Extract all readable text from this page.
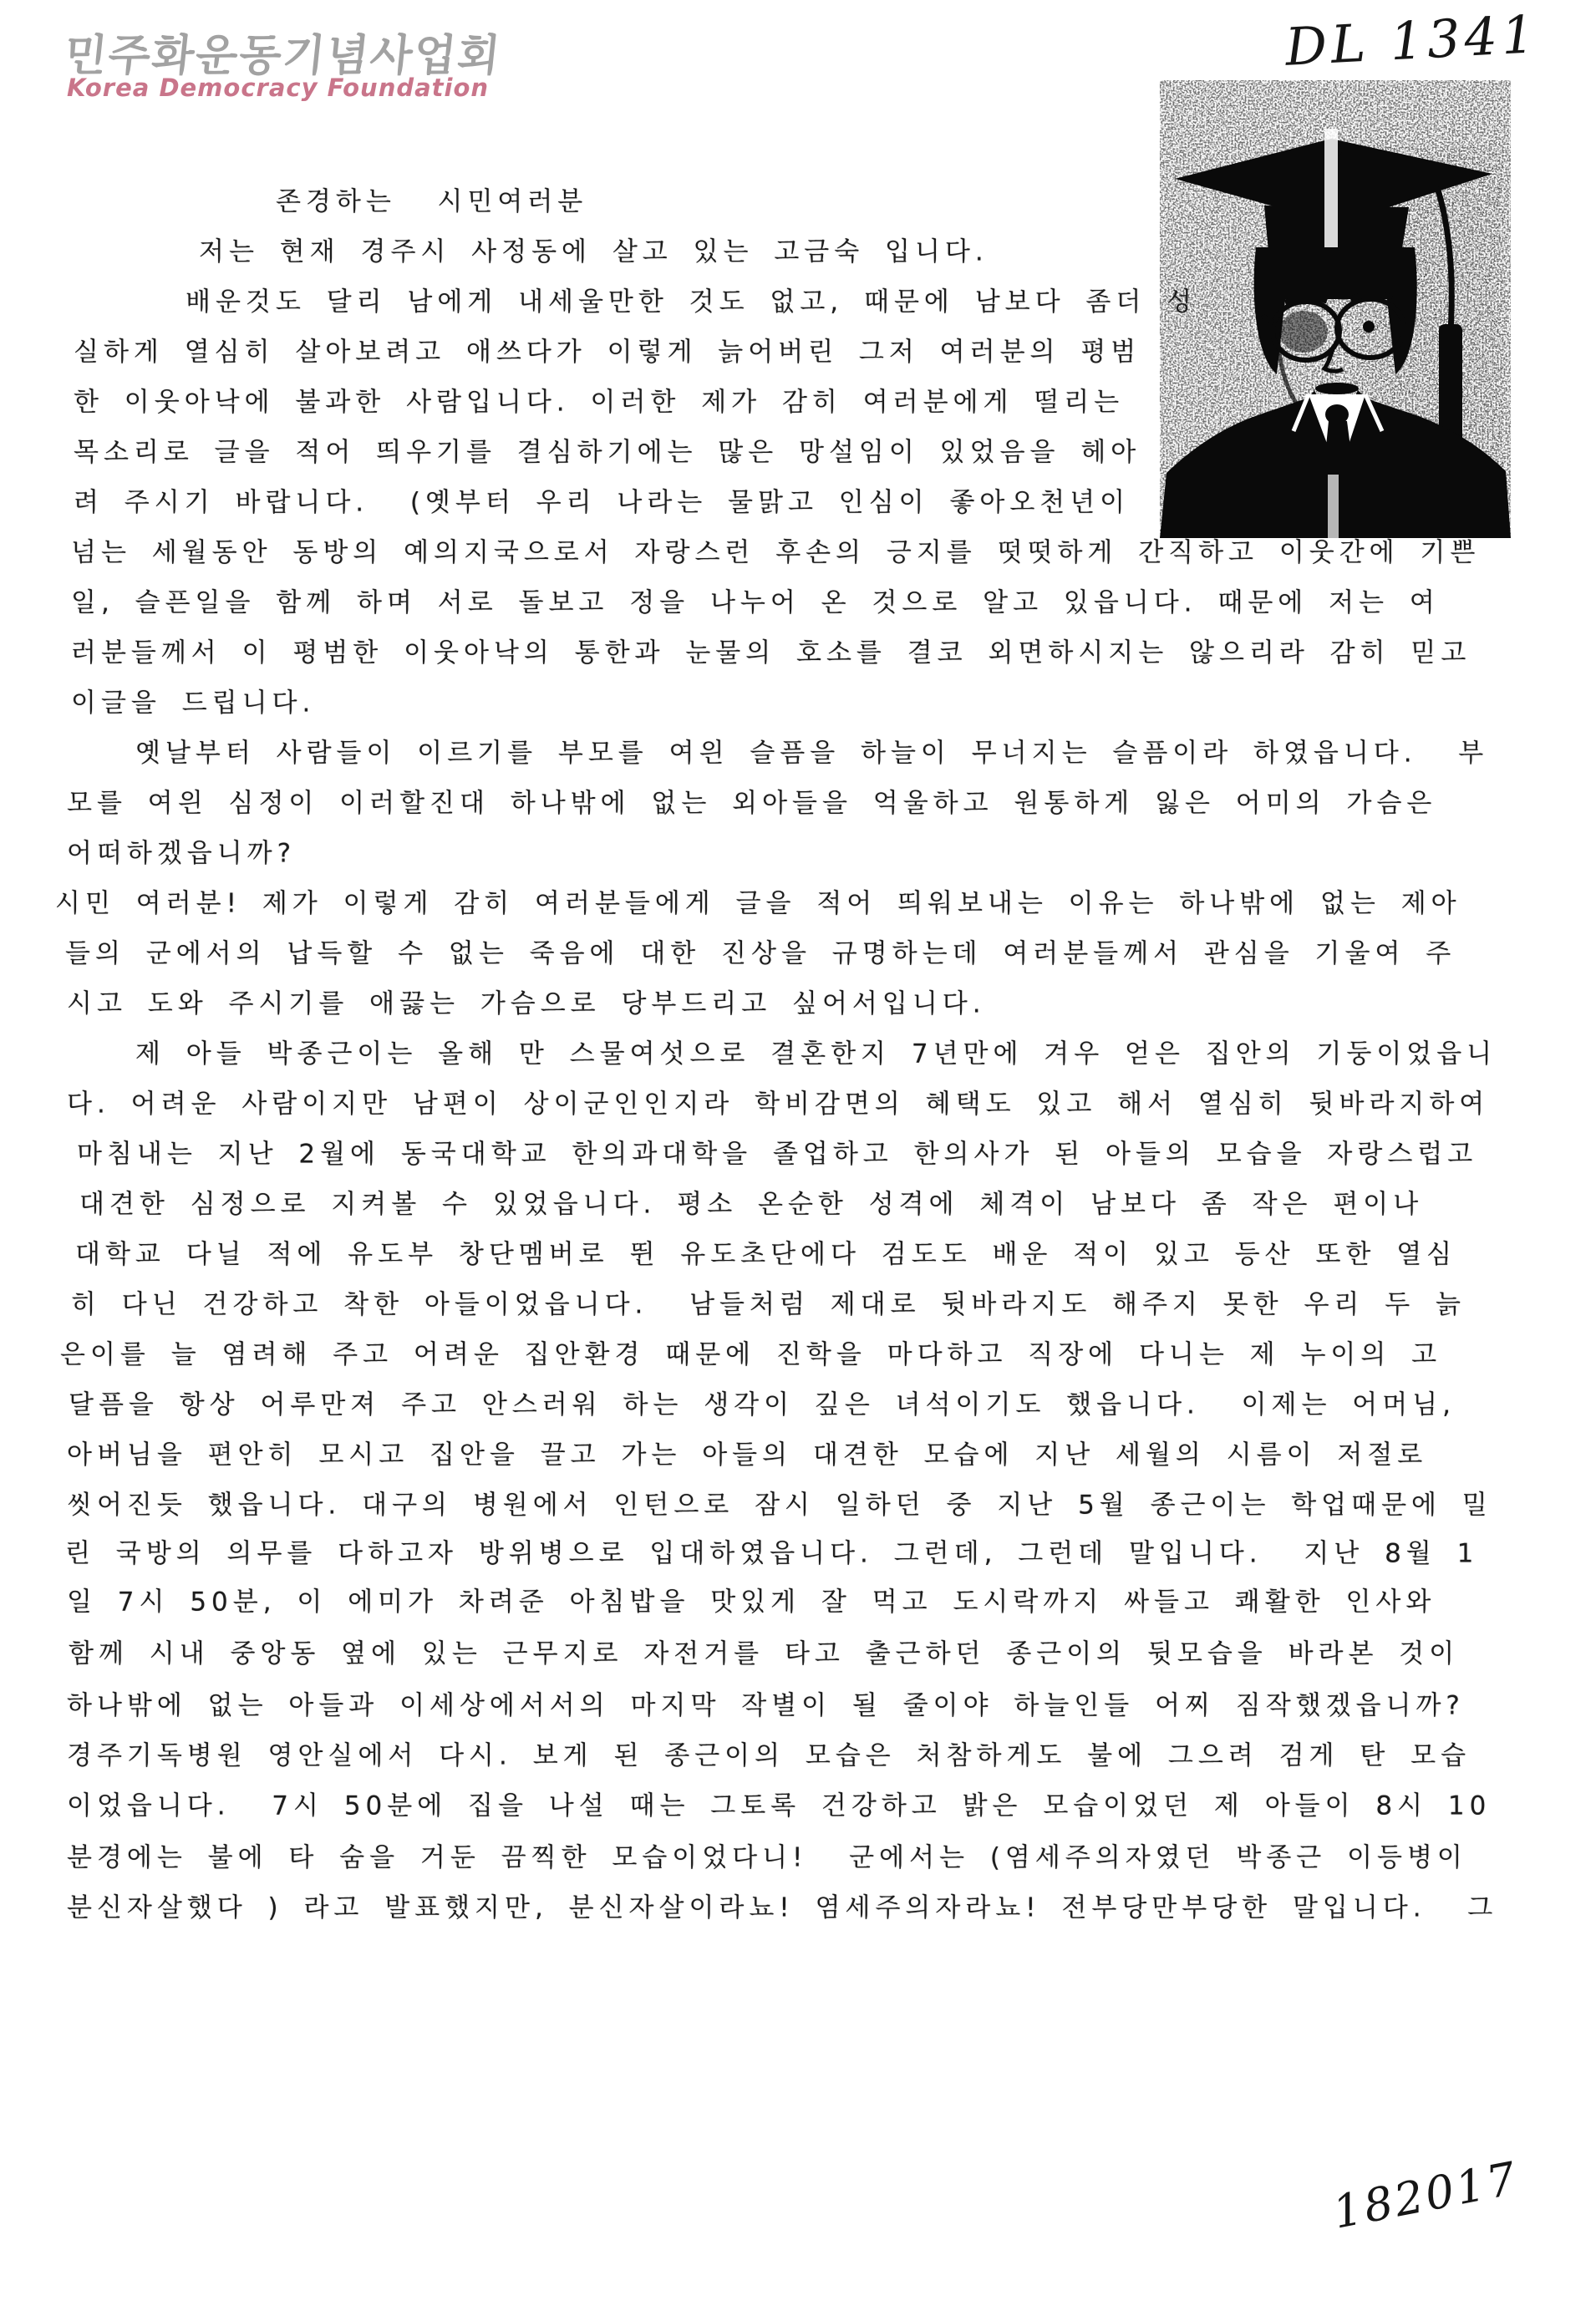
민주화운동기념사업회
Korea Democracy Foundation
DL 1341
존경하는  시민여러분
저는 현재 경주시 사정동에 살고 있는 고금숙 입니다.
배운것도 달리 남에게 내세울만한 것도 없고, 때문에 남보다 좀더 성
실하게 열심히 살아보려고 애쓰다가 이렇게 늙어버린 그저 여러분의 평범
한 이웃아낙에 불과한 사람입니다. 이러한 제가 감히 여러분에게 떨리는
목소리로 글을 적어 띄우기를 결심하기에는 많은 망설임이 있었음을 헤아
려 주시기 바랍니다.  (옛부터 우리 나라는 물맑고 인심이 좋아오천년이
넘는 세월동안 동방의 예의지국으로서 자랑스런 후손의 긍지를 떳떳하게 간직하고 이웃간에 기쁜
일, 슬픈일을 함께 하며 서로 돌보고 정을 나누어 온 것으로 알고 있읍니다. 때문에 저는 여
러분들께서 이 평범한 이웃아낙의 통한과 눈물의 호소를 결코 외면하시지는 않으리라 감히 믿고
이글을 드립니다.
옛날부터 사람들이 이르기를 부모를 여읜 슬픔을 하늘이 무너지는 슬픔이라 하였읍니다.  부
모를 여읜 심정이 이러할진대 하나밖에 없는 외아들을 억울하고 원통하게 잃은 어미의 가슴은
어떠하겠읍니까?
시민 여러분! 제가 이렇게 감히 여러분들에게 글을 적어 띄워보내는 이유는 하나밖에 없는 제아
들의 군에서의 납득할 수 없는 죽음에 대한 진상을 규명하는데 여러분들께서 관심을 기울여 주
시고 도와 주시기를 애끓는 가슴으로 당부드리고 싶어서입니다.
제 아들 박종근이는 올해 만 스물여섯으로 결혼한지 7년만에 겨우 얻은 집안의 기둥이었읍니
다. 어려운 사람이지만 남편이 상이군인인지라 학비감면의 혜택도 있고 해서 열심히 뒷바라지하여
마침내는 지난 2월에 동국대학교 한의과대학을 졸업하고 한의사가 된 아들의 모습을 자랑스럽고
대견한 심정으로 지켜볼 수 있었읍니다. 평소 온순한 성격에 체격이 남보다 좀 작은 편이나
대학교 다닐 적에 유도부 창단멤버로 뛴 유도초단에다 검도도 배운 적이 있고 등산 또한 열심
히 다닌 건강하고 착한 아들이었읍니다.  남들처럼 제대로 뒷바라지도 해주지 못한 우리 두 늙
은이를 늘 염려해 주고 어려운 집안환경 때문에 진학을 마다하고 직장에 다니는 제 누이의 고
달픔을 항상 어루만져 주고 안스러워 하는 생각이 깊은 녀석이기도 했읍니다.  이제는 어머님,
아버님을 편안히 모시고 집안을 끌고 가는 아들의 대견한 모습에 지난 세월의 시름이 저절로
씻어진듯 했읍니다. 대구의 병원에서 인턴으로 잠시 일하던 중 지난 5월 종근이는 학업때문에 밀
린 국방의 의무를 다하고자 방위병으로 입대하였읍니다. 그런데, 그런데 말입니다.  지난 8월 1
일 7시 50분, 이 에미가 차려준 아침밥을 맛있게 잘 먹고 도시락까지 싸들고 쾌활한 인사와
함께 시내 중앙동 옆에 있는 근무지로 자전거를 타고 출근하던 종근이의 뒷모습을 바라본 것이
하나밖에 없는 아들과 이세상에서서의 마지막 작별이 될 줄이야 하늘인들 어찌 짐작했겠읍니까?
경주기독병원 영안실에서 다시. 보게 된 종근이의 모습은 처참하게도 불에 그으려 검게 탄 모습
이었읍니다.  7시 50분에 집을 나설 때는 그토록 건강하고 밝은 모습이었던 제 아들이 8시 10
분경에는 불에 타 숨을 거둔 끔찍한 모습이었다니!  군에서는 (염세주의자였던 박종근 이등병이
분신자살했다 ) 라고 발표했지만, 분신자살이라뇨! 염세주의자라뇨! 전부당만부당한 말입니다.  그
182017
